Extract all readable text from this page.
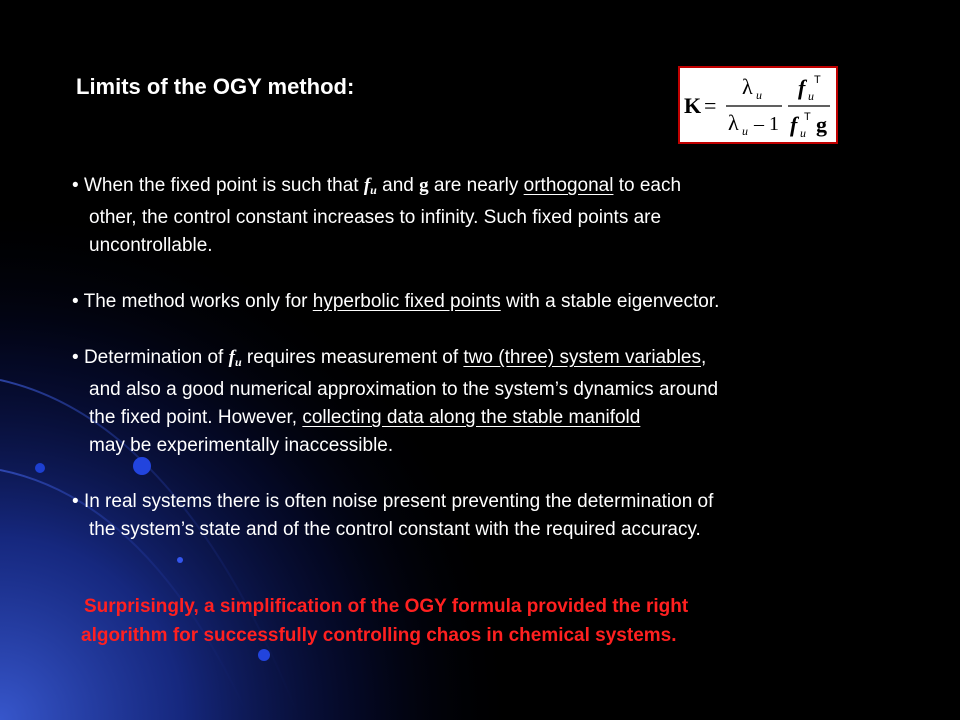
Limits of the OGY method:
K =
λ u
λ u – 1
f u
T
f u
T g
• When the fixed point is such that $f_u$ and g are nearly orthogonal to each
other, the control constant increases to infinity. Such fixed points are
uncontrollable.
• The method works only for hyperbolic fixed points with a stable eigenvector.
• Determination of $f_u$ requires measurement of two (three) system variables,
and also a good numerical approximation to the system’s dynamics around
the fixed point. However, collecting data along the stable manifold
may be experimentally inaccessible.
• In real systems there is often noise present preventing the determination of
the system’s state and of the control constant with the required accuracy.
Surprisingly, a simplification of the OGY formula provided the right
algorithm for successfully controlling chaos in chemical systems.
